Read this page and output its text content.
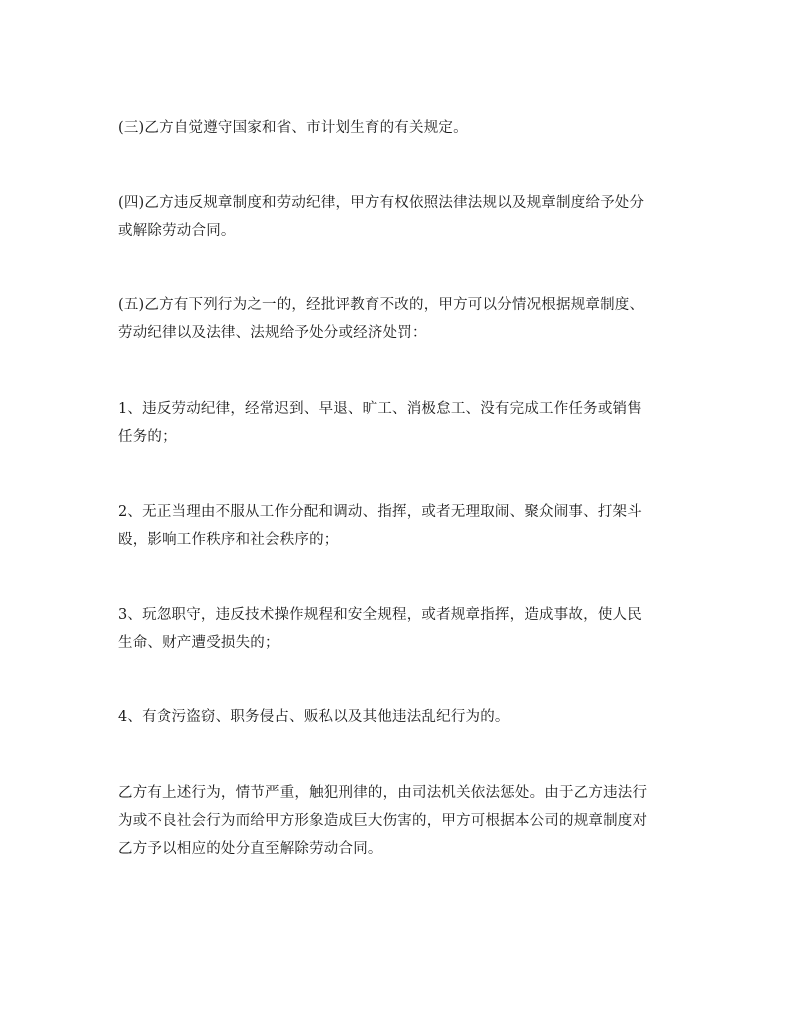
(三)乙方自觉遵守国家和省、市计划生育的有关规定。

(四)乙方违反规章制度和劳动纪律，甲方有权依照法律法规以及规章制度给予处分
或解除劳动合同。

(五)乙方有下列行为之一的，经批评教育不改的，甲方可以分情况根据规章制度、
劳动纪律以及法律、法规给予处分或经济处罚：

1、违反劳动纪律，经常迟到、早退、旷工、消极怠工、没有完成工作任务或销售
任务的；

2、无正当理由不服从工作分配和调动、指挥，或者无理取闹、聚众闹事、打架斗
殴，影响工作秩序和社会秩序的；

3、玩忽职守，违反技术操作规程和安全规程，或者规章指挥，造成事故，使人民
生命、财产遭受损失的；

4、有贪污盗窃、职务侵占、贩私以及其他违法乱纪行为的。

乙方有上述行为，情节严重，触犯刑律的，由司法机关依法惩处。由于乙方违法行
为或不良社会行为而给甲方形象造成巨大伤害的，甲方可根据本公司的规章制度对
乙方予以相应的处分直至解除劳动合同。
